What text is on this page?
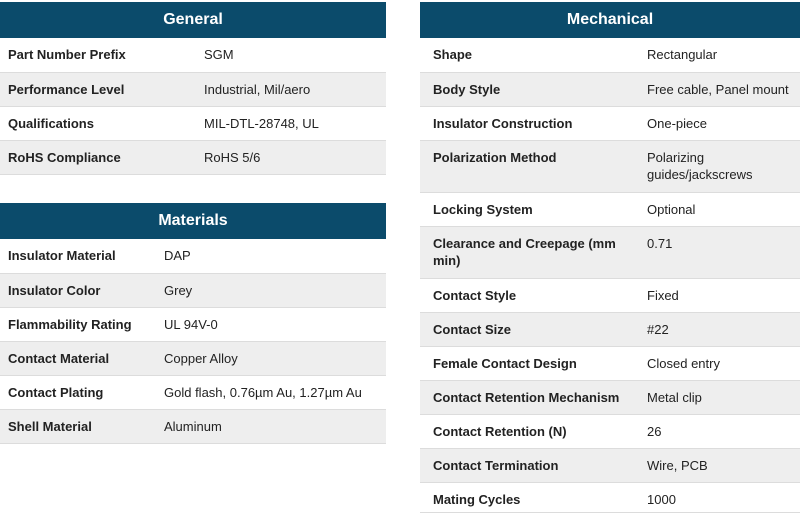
General	
Part Number Prefix	SGM
Performance Level	Industrial, Mil/aero
Qualifications	MIL-DTL-28748, UL
RoHS Compliance	RoHS 5/6
Materials	
Insulator Material	DAP
Insulator Color	Grey
Flammability Rating	UL 94V-0
Contact Material	Copper Alloy
Contact Plating	Gold flash, 0.76µm Au, 1.27µm Au
Shell Material	Aluminum
Mechanical	
Shape	Rectangular
Body Style	Free cable, Panel mount
Insulator Construction	One-piece
Polarization Method	Polarizing guides/jackscrews
Locking System	Optional
Clearance and Creepage (mm min)	0.71
Contact Style	Fixed
Contact Size	#22
Female Contact Design	Closed entry
Contact Retention Mechanism	Metal clip
Contact Retention (N)	26
Contact Termination	Wire, PCB
Mating Cycles	1000
